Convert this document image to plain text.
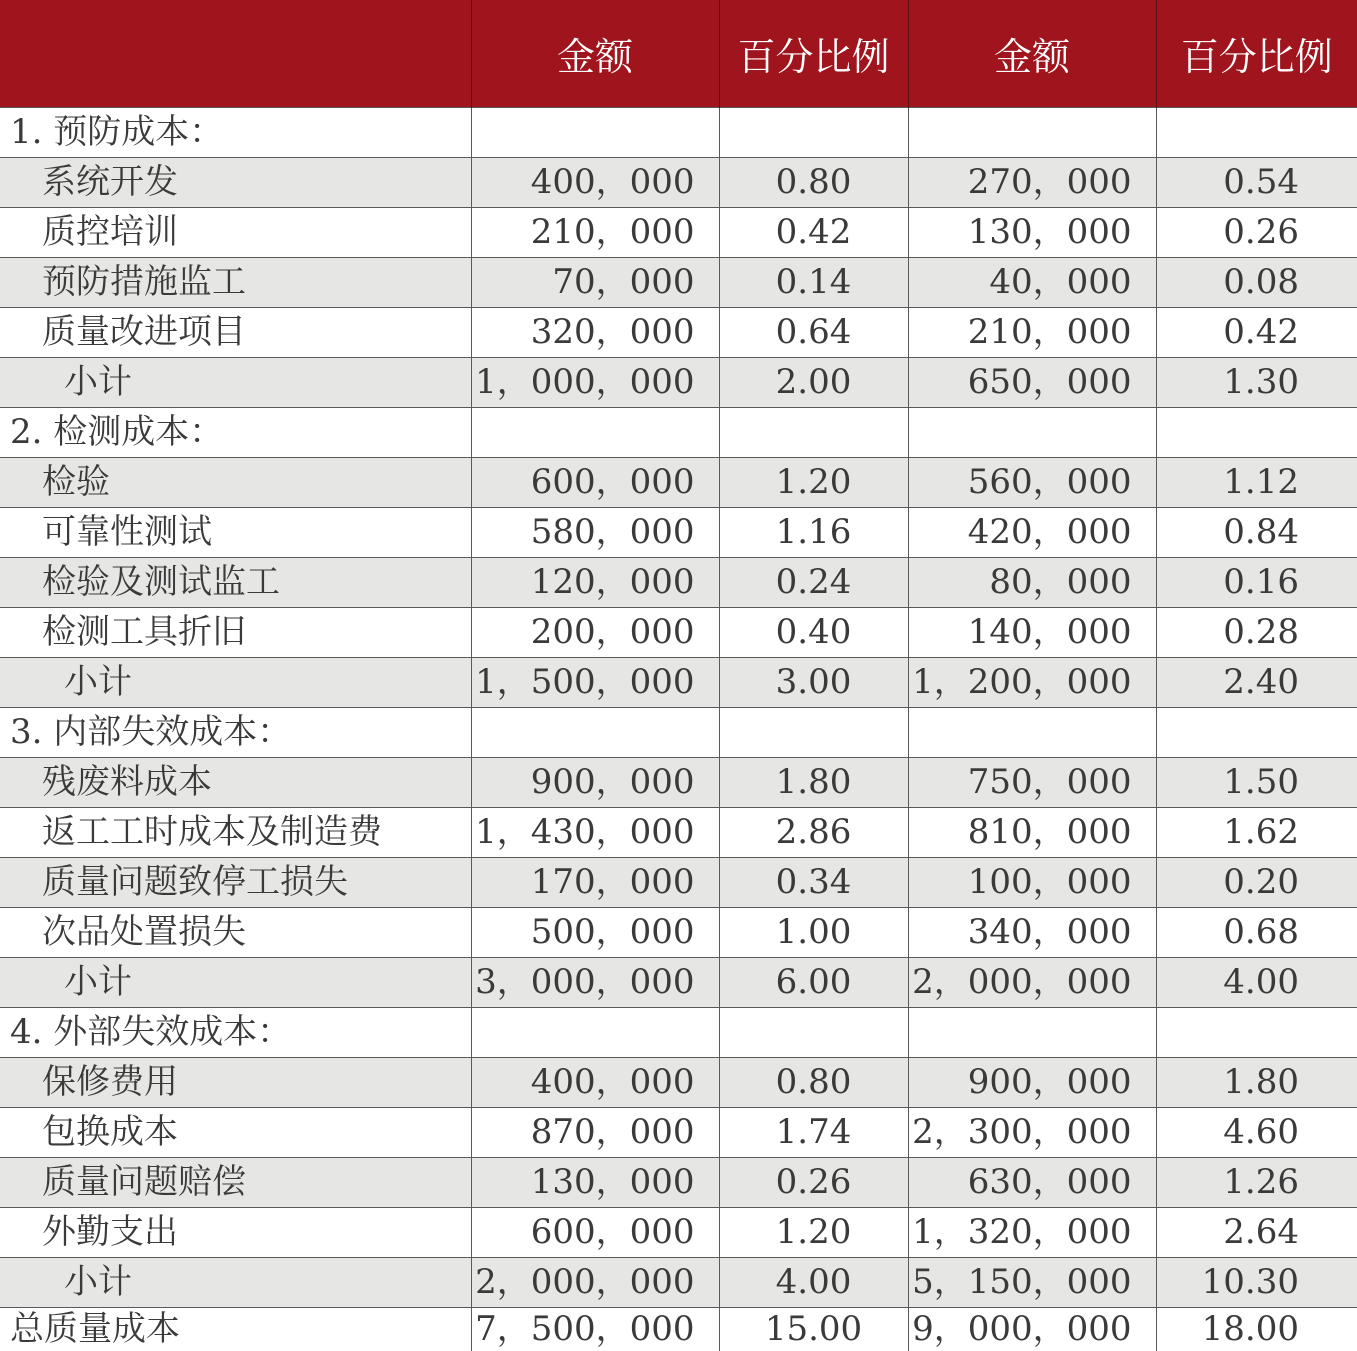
	金额	百分比例	金额	百分比例
1. 预防成本：				
系统开发	400，000	0.80	270，000	0.54
质控培训	210，000	0.42	130，000	0.26
预防措施监工	70，000	0.14	40，000	0.08
质量改进项目	320，000	0.64	210，000	0.42
小计	1，000，000	2.00	650，000	1.30
2. 检测成本：				
检验	600，000	1.20	560，000	1.12
可靠性测试	580，000	1.16	420，000	0.84
检验及测试监工	120，000	0.24	80，000	0.16
检测工具折旧	200，000	0.40	140，000	0.28
小计	1，500，000	3.00	1，200，000	2.40
3. 内部失效成本：				
残废料成本	900，000	1.80	750，000	1.50
返工工时成本及制造费	1，430，000	2.86	810，000	1.62
质量问题致停工损失	170，000	0.34	100，000	0.20
次品处置损失	500，000	1.00	340，000	0.68
小计	3，000，000	6.00	2，000，000	4.00
4. 外部失效成本：				
保修费用	400，000	0.80	900，000	1.80
包换成本	870，000	1.74	2，300，000	4.60
质量问题赔偿	130，000	0.26	630，000	1.26
外勤支出	600，000	1.20	1，320，000	2.64
小计	2，000，000	4.00	5，150，000	10.30
总质量成本	7，500，000	15.00	9，000，000	18.00
